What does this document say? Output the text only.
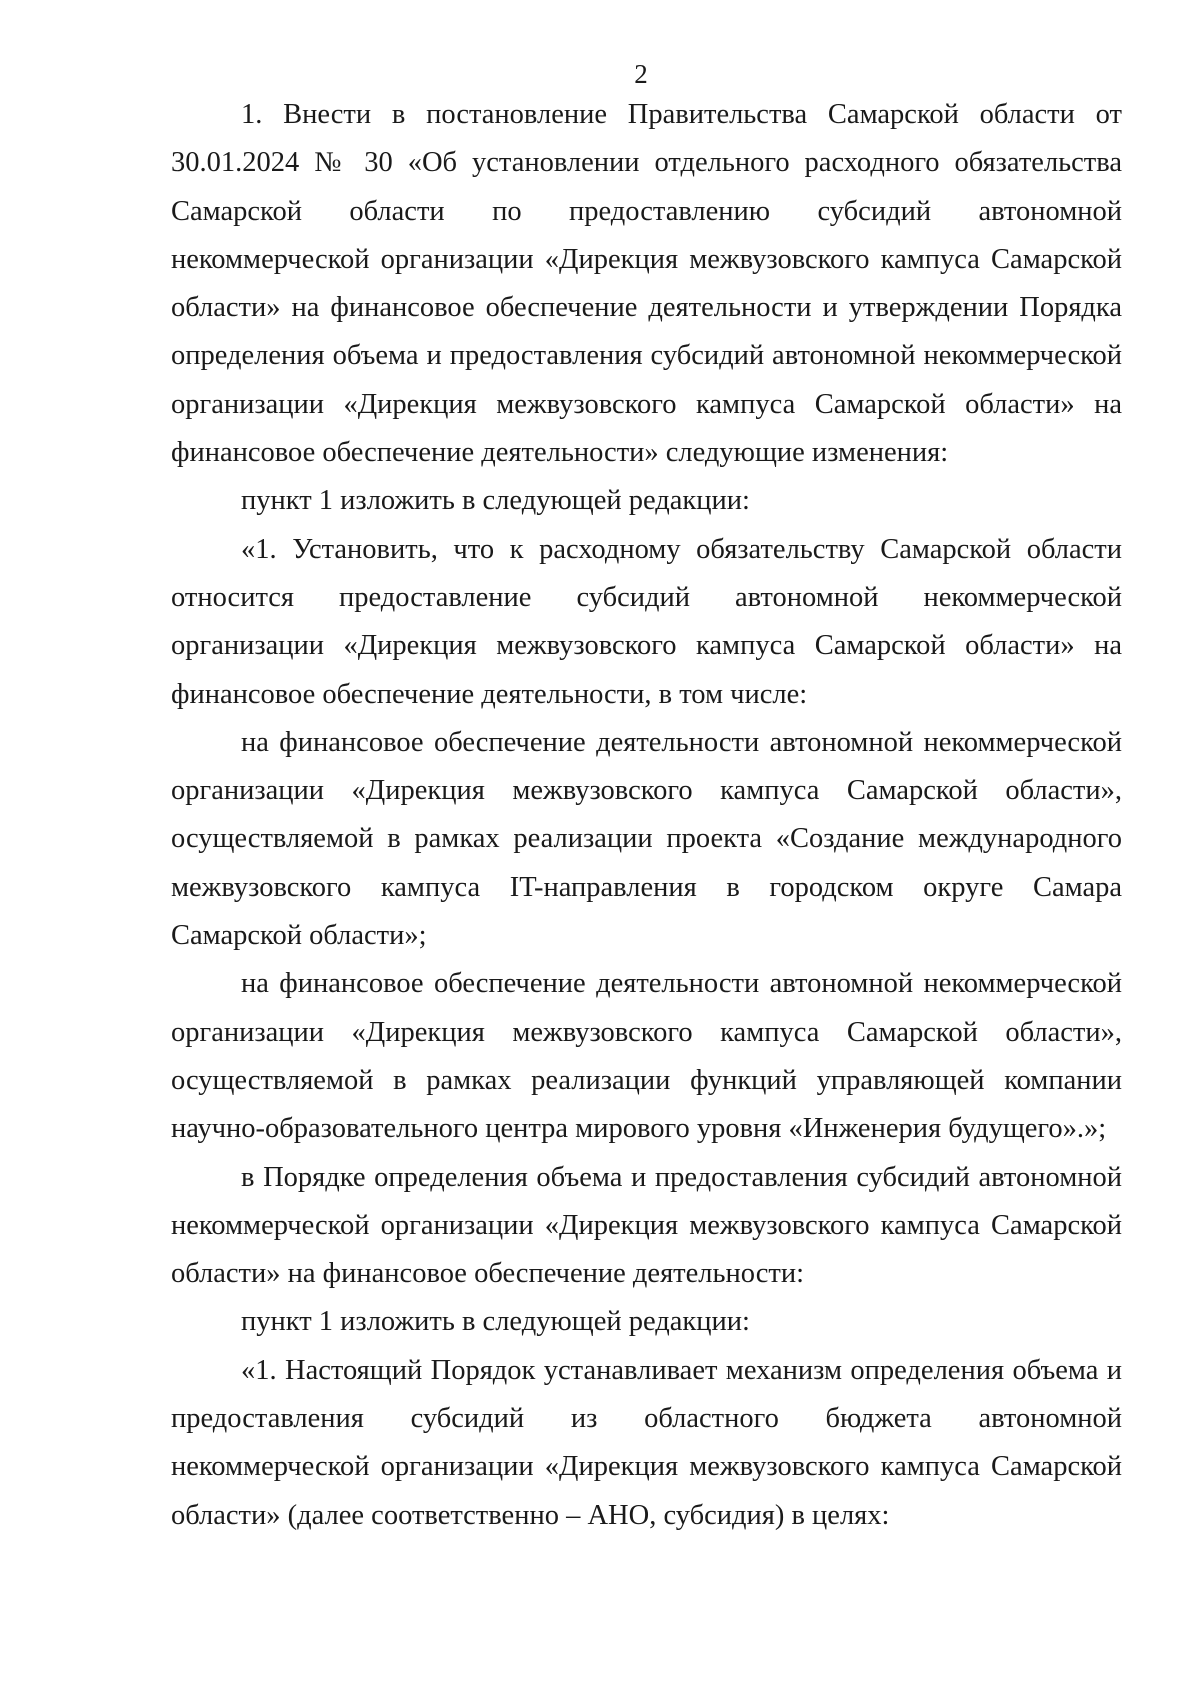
2

1. Внести в постановление Правительства Самарской области от 30.01.2024 № 30 «Об установлении отдельного расходного обязательства Самарской области по предоставлению субсидий автономной некоммерческой организации «Дирекция межвузовского кампуса Самарской области» на финансовое обеспечение деятельности и утверждении Порядка определения объема и предоставления субсидий автономной некоммерческой организации «Дирекция межвузовского кампуса Самарской области» на финансовое обеспечение деятельности» следующие изменения:

пункт 1 изложить в следующей редакции:

«1. Установить, что к расходному обязательству Самарской области относится предоставление субсидий автономной некоммерческой организации «Дирекция межвузовского кампуса Самарской области» на финансовое обеспечение деятельности, в том числе:

на финансовое обеспечение деятельности автономной некоммерческой организации «Дирекция межвузовского кампуса Самарской области», осуществляемой в рамках реализации проекта «Создание международного межвузовского кампуса IT-направления в городском округе Самара Самарской области»;

на финансовое обеспечение деятельности автономной некоммерческой организации «Дирекция межвузовского кампуса Самарской области», осуществляемой в рамках реализации функций управляющей компании научно-образовательного центра мирового уровня «Инженерия будущего».»;

в Порядке определения объема и предоставления субсидий автономной некоммерческой организации «Дирекция межвузовского кампуса Самарской области» на финансовое обеспечение деятельности:

пункт 1 изложить в следующей редакции:

«1. Настоящий Порядок устанавливает механизм определения объема и предоставления субсидий из областного бюджета автономной некоммерческой организации «Дирекция межвузовского кампуса Самарской области» (далее соответственно – АНО, субсидия) в целях:
